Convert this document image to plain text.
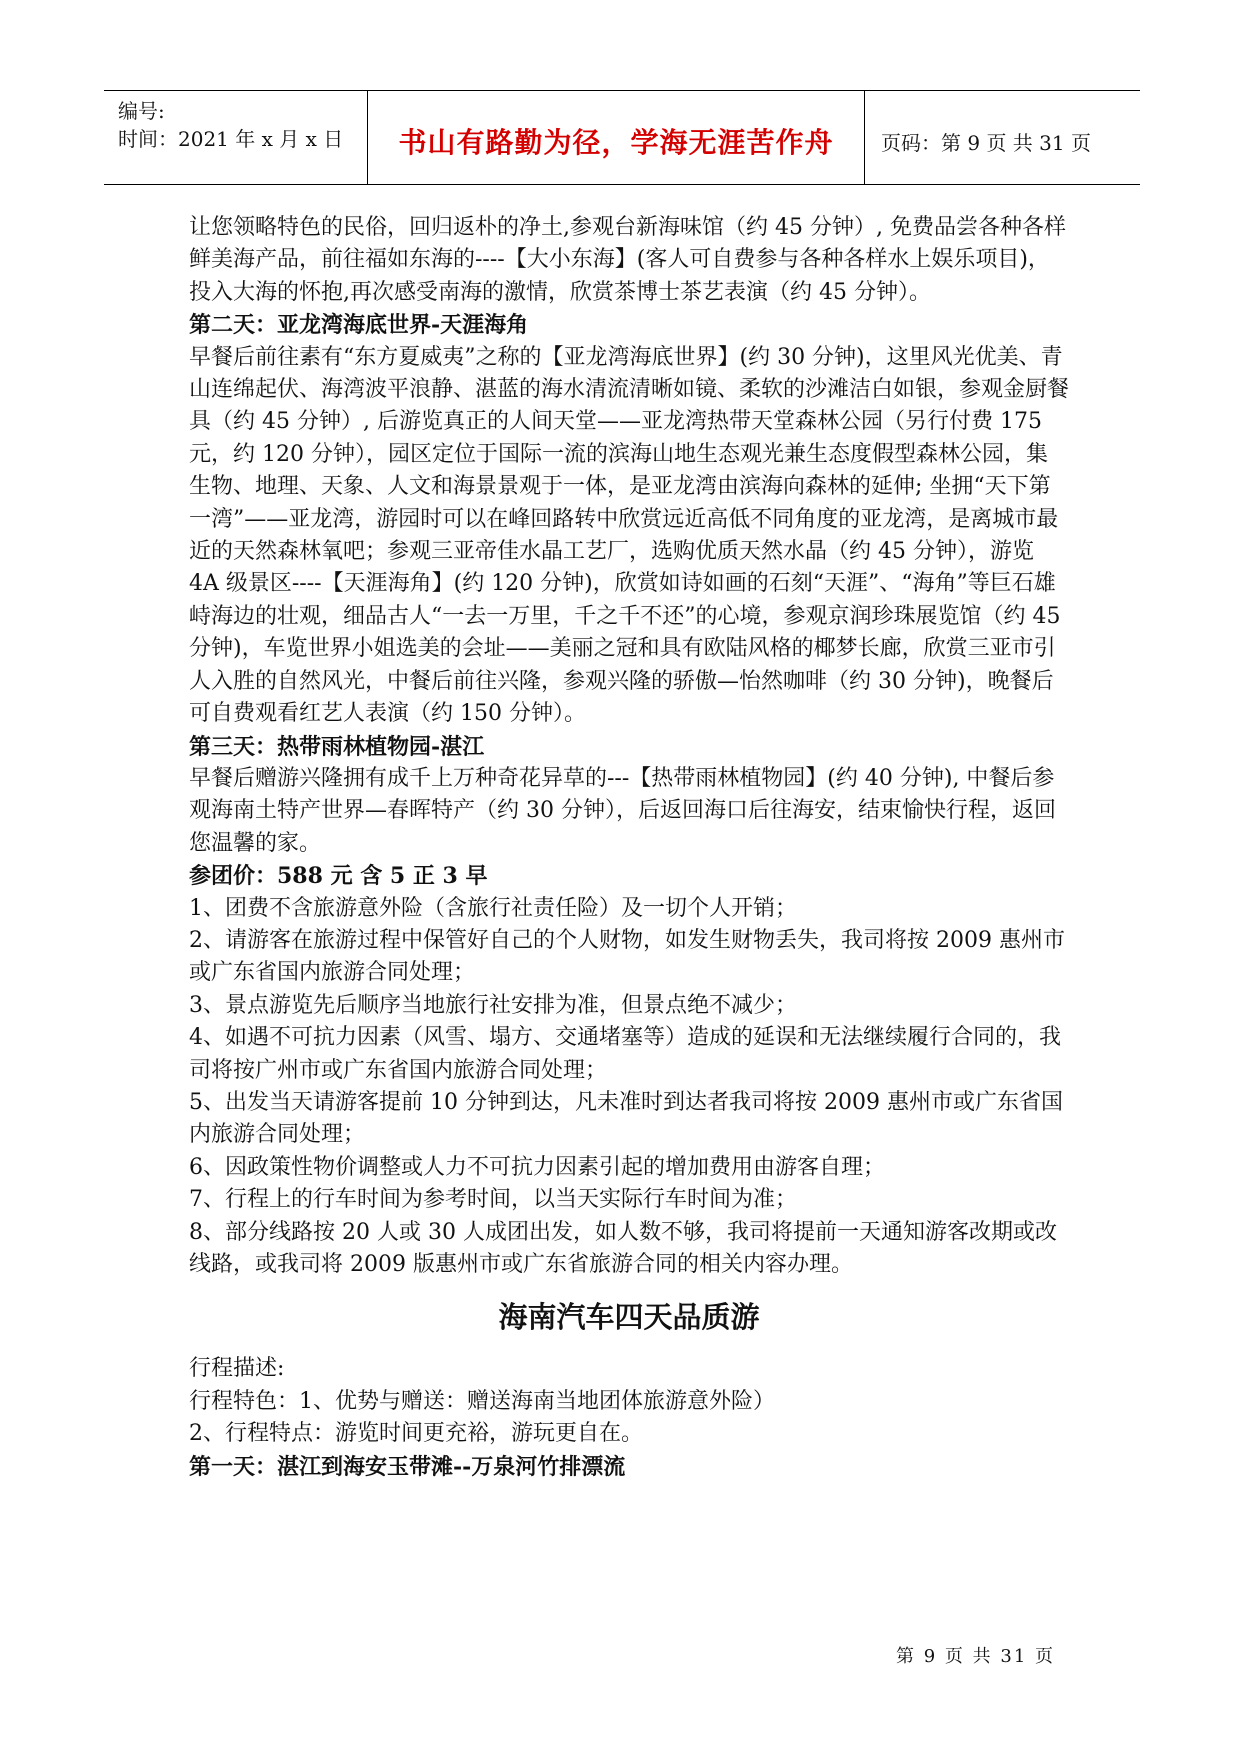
编号:
时间：2021 年 x 月 x 日	书山有路勤为径，学海无涯苦作舟	页码：第 9 页 共 31 页

让您领略特色的民俗，回归返朴的净土,参观台新海味馆（约 45 分钟）, 免费品尝各种各样鲜美海产品，前往福如东海的----【大小东海】(客人可自费参与各种各样水上娱乐项目)，投入大海的怀抱,再次感受南海的激情，欣赏茶博士茶艺表演（约 45 分钟）。

第二天：亚龙湾海底世界-天涯海角

早餐后前往素有“东方夏威夷”之称的【亚龙湾海底世界】(约 30 分钟)，这里风光优美、青山连绵起伏、海湾波平浪静、湛蓝的海水清流清晰如镜、柔软的沙滩洁白如银，参观金厨餐具（约 45 分钟）, 后游览真正的人间天堂——亚龙湾热带天堂森林公园（另行付费 175 元，约 120 分钟），园区定位于国际一流的滨海山地生态观光兼生态度假型森林公园，集生物、地理、天象、人文和海景景观于一体，是亚龙湾由滨海向森林的延伸; 坐拥“天下第一湾”——亚龙湾，游园时可以在峰回路转中欣赏远近高低不同角度的亚龙湾，是离城市最近的天然森林氧吧；参观三亚帝佳水晶工艺厂，选购优质天然水晶（约 45 分钟），游览 4A 级景区----【天涯海角】(约 120 分钟)，欣赏如诗如画的石刻“天涯”、“海角”等巨石雄峙海边的壮观，细品古人“一去一万里，千之千不还”的心境，参观京润珍珠展览馆（约 45 分钟)，车览世界小姐选美的会址——美丽之冠和具有欧陆风格的椰梦长廊，欣赏三亚市引人入胜的自然风光，中餐后前往兴隆，参观兴隆的骄傲—怡然咖啡（约 30 分钟)，晚餐后可自费观看红艺人表演（约 150 分钟）。

第三天：热带雨林植物园-湛江

早餐后赠游兴隆拥有成千上万种奇花异草的---【热带雨林植物园】(约 40 分钟), 中餐后参观海南土特产世界—春晖特产（约 30 分钟），后返回海口后往海安，结束愉快行程，返回您温馨的家。

参团价：588 元 含 5 正 3 早

1、团费不含旅游意外险（含旅行社责任险）及一切个人开销；

2、请游客在旅游过程中保管好自己的个人财物，如发生财物丢失，我司将按 2009 惠州市或广东省国内旅游合同处理；

3、景点游览先后顺序当地旅行社安排为准，但景点绝不减少；

4、如遇不可抗力因素（风雪、塌方、交通堵塞等）造成的延误和无法继续履行合同的，我司将按广州市或广东省国内旅游合同处理；

5、出发当天请游客提前 10 分钟到达，凡未准时到达者我司将按 2009 惠州市或广东省国内旅游合同处理；

6、因政策性物价调整或人力不可抗力因素引起的增加费用由游客自理；

7、行程上的行车时间为参考时间，以当天实际行车时间为准；

8、部分线路按 20 人或 30 人成团出发，如人数不够，我司将提前一天通知游客改期或改线路，或我司将 2009 版惠州市或广东省旅游合同的相关内容办理。

海南汽车四天品质游

行程描述:

行程特色：1、优势与赠送：赠送海南当地团体旅游意外险）

2、行程特点：游览时间更充裕，游玩更自在。

第一天：湛江到海安玉带滩--万泉河竹排漂流

第 9 页 共 31 页
